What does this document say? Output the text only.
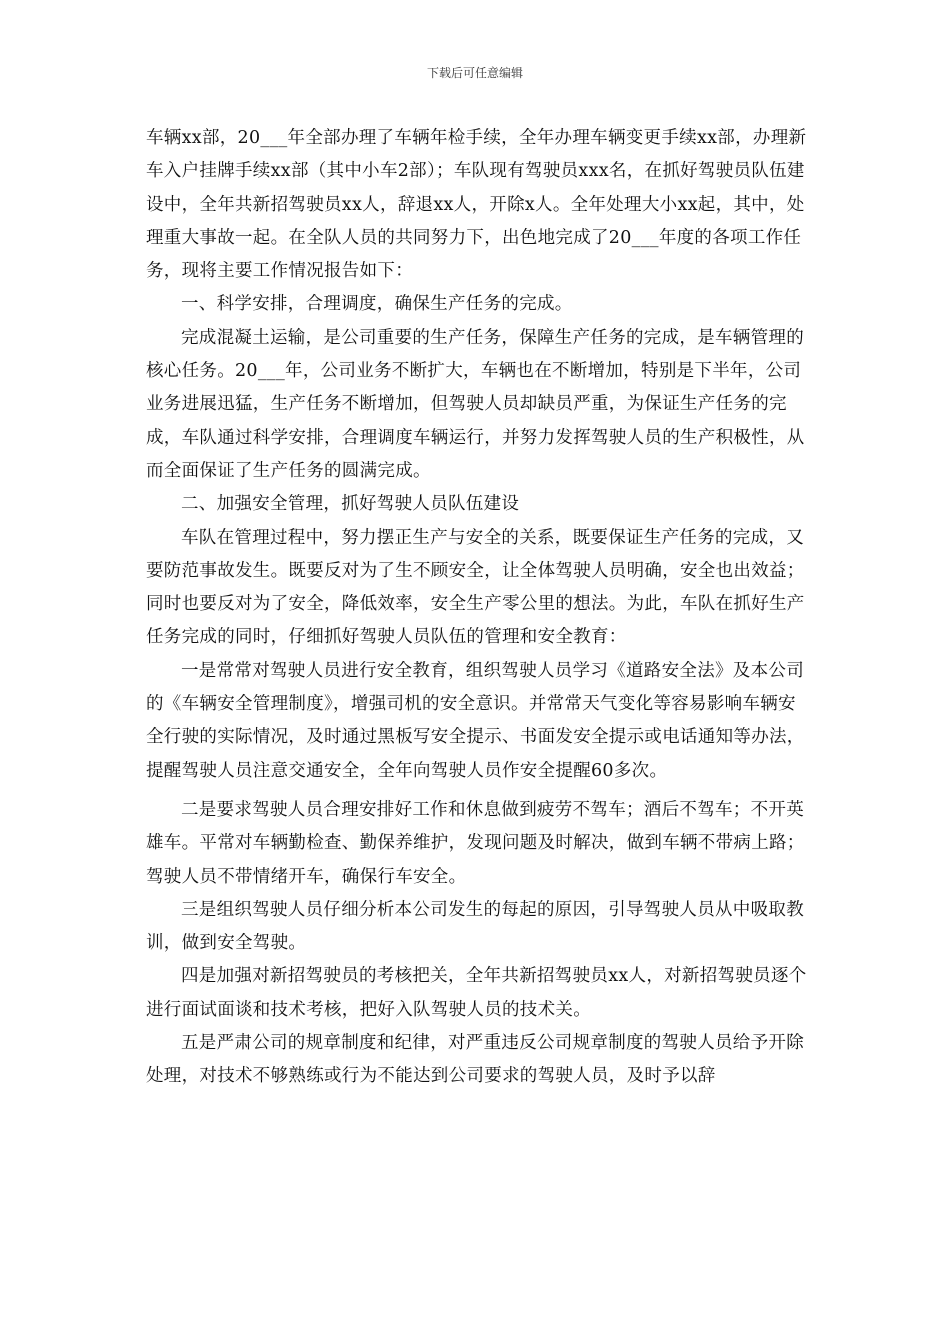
下载后可任意编辑

车辆xx部，20___年全部办理了车辆年检手续，全年办理车辆变更手续xx部，办理新车入户挂牌手续xx部（其中小车2部）；车队现有驾驶员xxx名，在抓好驾驶员队伍建设中，全年共新招驾驶员xx人，辞退xx人，开除x人。全年处理大小xx起，其中，处理重大事故一起。在全队人员的共同努力下，出色地完成了20___年度的各项工作任务，现将主要工作情况报告如下：

一、科学安排，合理调度，确保生产任务的完成。

完成混凝土运输，是公司重要的生产任务，保障生产任务的完成，是车辆管理的核心任务。20___年，公司业务不断扩大，车辆也在不断增加，特别是下半年，公司业务进展迅猛，生产任务不断增加，但驾驶人员却缺员严重，为保证生产任务的完成，车队通过科学安排，合理调度车辆运行，并努力发挥驾驶人员的生产积极性，从而全面保证了生产任务的圆满完成。

二、加强安全管理，抓好驾驶人员队伍建设

车队在管理过程中，努力摆正生产与安全的关系，既要保证生产任务的完成，又要防范事故发生。既要反对为了生不顾安全，让全体驾驶人员明确，安全也出效益；同时也要反对为了安全，降低效率，安全生产零公里的想法。为此，车队在抓好生产任务完成的同时，仔细抓好驾驶人员队伍的管理和安全教育：

一是常常对驾驶人员进行安全教育，组织驾驶人员学习《道路安全法》及本公司的《车辆安全管理制度》，增强司机的安全意识。并常常天气变化等容易影响车辆安全行驶的实际情况，及时通过黑板写安全提示、书面发安全提示或电话通知等办法，提醒驾驶人员注意交通安全，全年向驾驶人员作安全提醒60多次。

二是要求驾驶人员合理安排好工作和休息做到疲劳不驾车；酒后不驾车；不开英雄车。平常对车辆勤检查、勤保养维护，发现问题及时解决，做到车辆不带病上路；驾驶人员不带情绪开车，确保行车安全。

三是组织驾驶人员仔细分析本公司发生的每起的原因，引导驾驶人员从中吸取教训，做到安全驾驶。

四是加强对新招驾驶员的考核把关，全年共新招驾驶员xx人，对新招驾驶员逐个进行面试面谈和技术考核，把好入队驾驶人员的技术关。

五是严肃公司的规章制度和纪律，对严重违反公司规章制度的驾驶人员给予开除处理，对技术不够熟练或行为不能达到公司要求的驾驶人员，及时予以辞
